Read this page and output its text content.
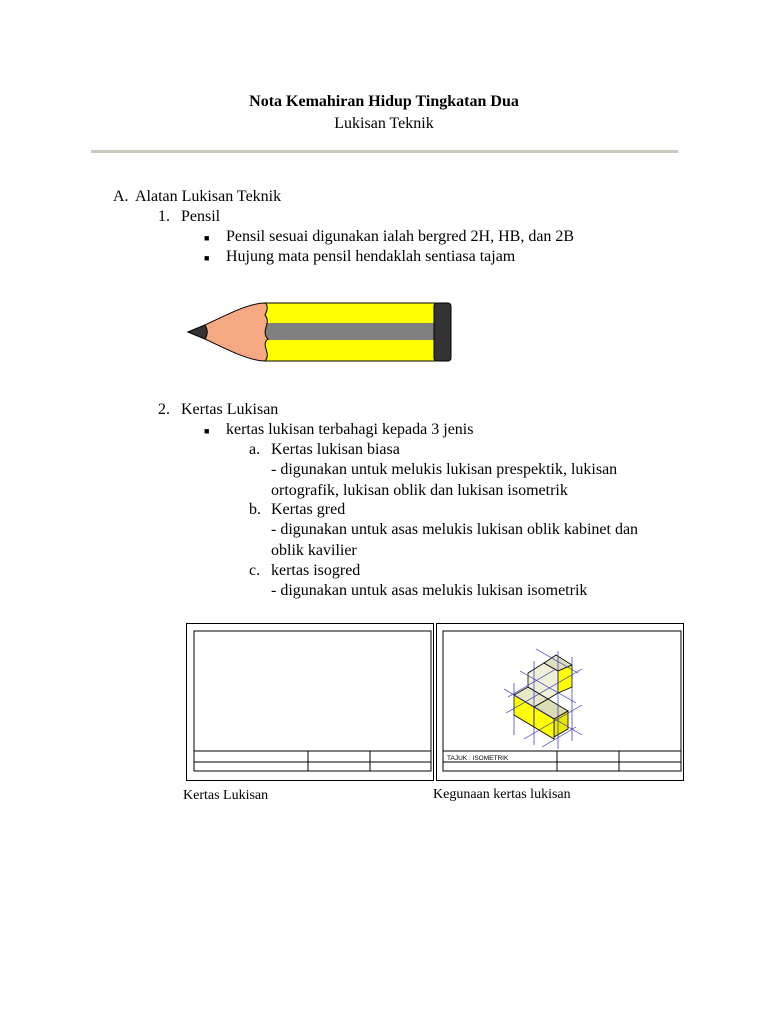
Nota Kemahiran Hidup Tingkatan Dua
Lukisan Teknik
A. Alatan Lukisan Teknik
1. Pensil
■ Pensil sesuai digunakan ialah bergred 2H, HB, dan 2B
■ Hujung mata pensil hendaklah sentiasa tajam
2. Kertas Lukisan
■ kertas lukisan terbahagi kepada 3 jenis
a. Kertas lukisan biasa
- digunakan untuk melukis lukisan prespektik, lukisan
ortografik, lukisan oblik dan lukisan isometrik
b. Kertas gred
- digunakan untuk asas melukis lukisan oblik kabinet dan
oblik kavilier
c. kertas isogred
- digunakan untuk asas melukis lukisan isometrik
TAJUK : ISOMETRIK
Kertas Lukisan	Kegunaan kertas lukisan
